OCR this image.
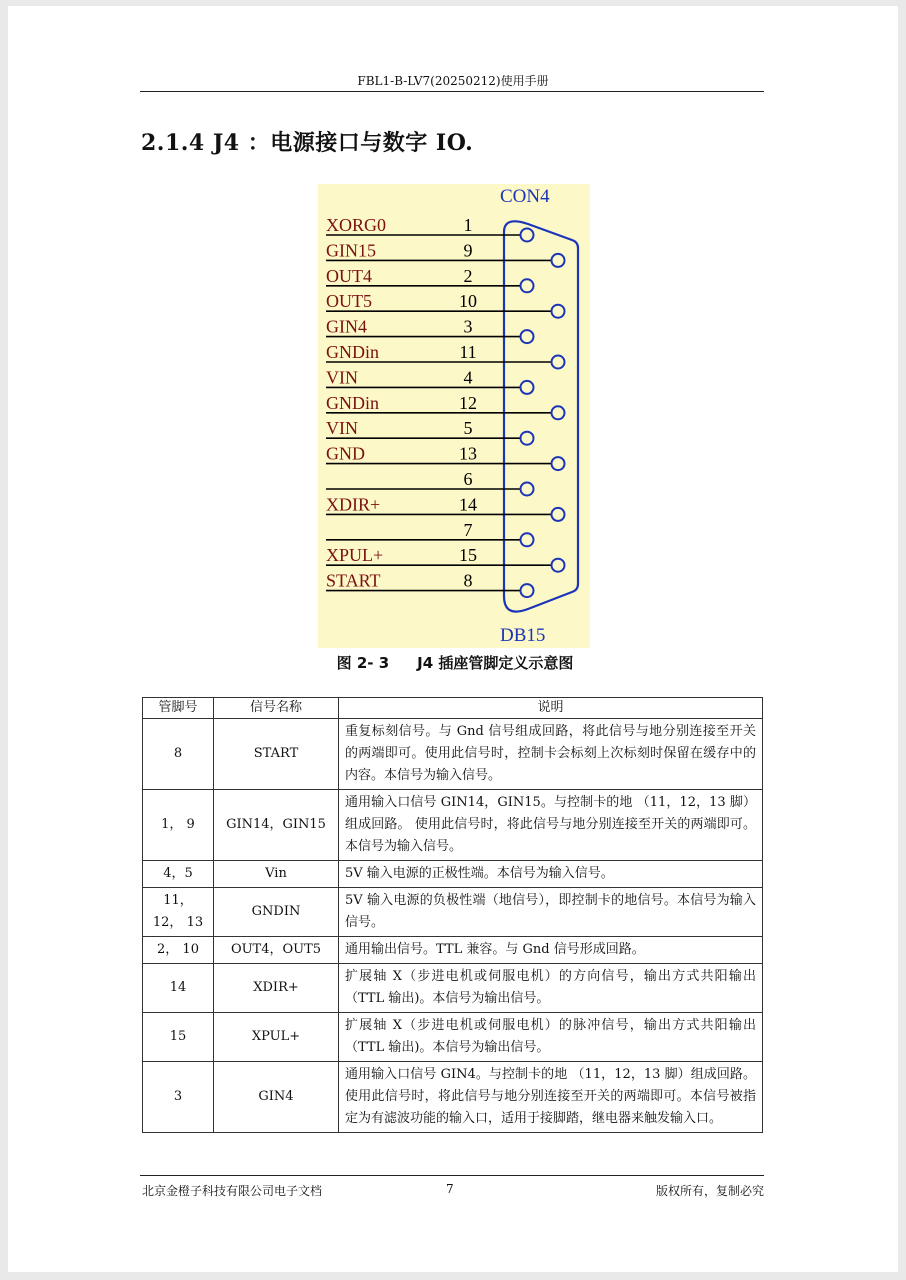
FBL1-B-LV7(20250212)使用手册
2.1.4 J4 ：电源接口与数字 IO.
CON4
DB15
XORG0	1
GIN15	9
OUT4	2
OUT5	10
GIN4	3
GNDin	11
VIN	4
GNDin	12
VIN	5
GND	13
6
XDIR+	14
7
XPUL+	15
START	8
图 2- 3 J4 插座管脚定义示意图
管脚号	信号名称	说明
8	START	重复标刻信号。与 Gnd 信号组成回路，将此信号与地分别连接至开关的两端即可。使用此信号时，控制卡会标刻上次标刻时保留在缓存中的内容。本信号为输入信号。
1， 9	GIN14，GIN15	通用输入口信号 GIN14，GIN15。与控制卡的地 （11，12，13 脚）组成回路。 使用此信号时，将此信号与地分别连接至开关的两端即可。本信号为输入信号。
4，5	Vin	5V 输入电源的正极性端。本信号为输入信号。
11， 12， 13	GNDIN	5V 输入电源的负极性端（地信号），即控制卡的地信号。本信号为输入信号。
2， 10	OUT4，OUT5	通用输出信号。TTL 兼容。与 Gnd 信号形成回路。
14	XDIR+	扩展轴 X（步进电机或伺服电机）的方向信号，输出方式共阳输出（TTL 输出)。本信号为输出信号。
15	XPUL+	扩展轴 X（步进电机或伺服电机）的脉冲信号，输出方式共阳输出（TTL 输出)。本信号为输出信号。
3	GIN4	通用输入口信号 GIN4。与控制卡的地 （11，12，13 脚）组成回路。 使用此信号时，将此信号与地分别连接至开关的两端即可。本信号被指定为有滤波功能的输入口，适用于接脚踏，继电器来触发输入口。
北京金橙子科技有限公司电子文档	7	版权所有，复制必究
